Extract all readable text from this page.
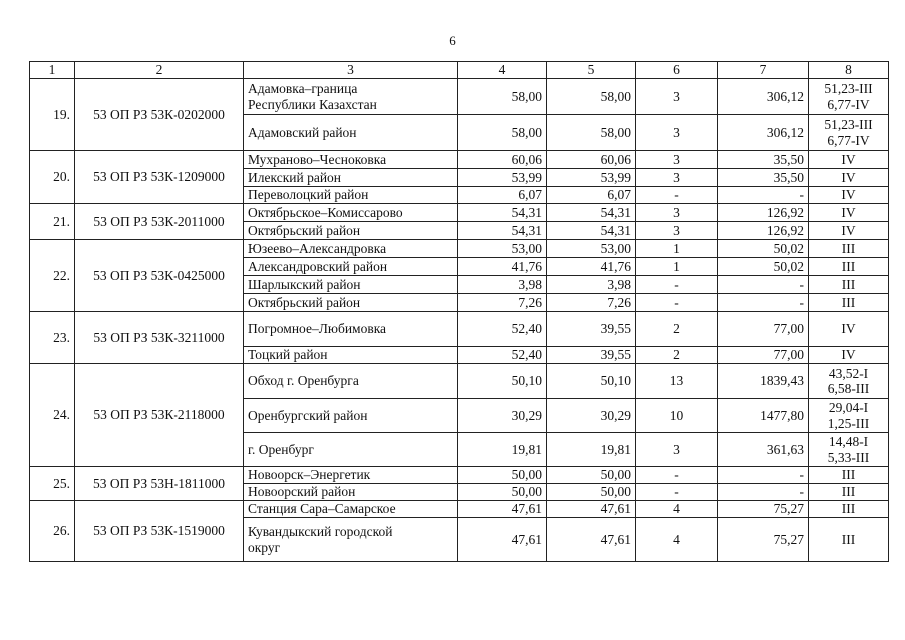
6
1	2	3	4	5	6	7	8
19.	53 ОП РЗ 53К-0202000	Адамовка–граница
Республики Казахстан	58,00	58,00	3	306,12	51,23-III
6,77-IV
		Адамовский район	58,00	58,00	3	306,12	51,23-III
6,77-IV
20.	53 ОП РЗ 53К-1209000	Мухраново–Чесноковка	60,06	60,06	3	35,50	IV
		Илекский район	53,99	53,99	3	35,50	IV
		Переволоцкий район	6,07	6,07	-	-	IV
21.	53 ОП РЗ 53К-2011000	Октябрьское–Комиссарово	54,31	54,31	3	126,92	IV
		Октябрьский район	54,31	54,31	3	126,92	IV
22.	53 ОП РЗ 53К-0425000	Юзеево–Александровка	53,00	53,00	1	50,02	III
		Александровский район	41,76	41,76	1	50,02	III
		Шарлыкский район	3,98	3,98	-	-	III
		Октябрьский район	7,26	7,26	-	-	III
23.	53 ОП РЗ 53К-3211000	Погромное–Любимовка	52,40	39,55	2	77,00	IV
		Тоцкий район	52,40	39,55	2	77,00	IV
24.	53 ОП РЗ 53К-2118000	Обход г. Оренбурга	50,10	50,10	13	1839,43	43,52-I
6,58-III
		Оренбургский район	30,29	30,29	10	1477,80	29,04-I
1,25-III
		г. Оренбург	19,81	19,81	3	361,63	14,48-I
5,33-III
25.	53 ОП РЗ 53Н-1811000	Новоорск–Энергетик	50,00	50,00	-	-	III
		Новоорский район	50,00	50,00	-	-	III
26.	53 ОП РЗ 53К-1519000	Станция Сара–Самарское	47,61	47,61	4	75,27	III
		Кувандыкский городской
округ	47,61	47,61	4	75,27	III
